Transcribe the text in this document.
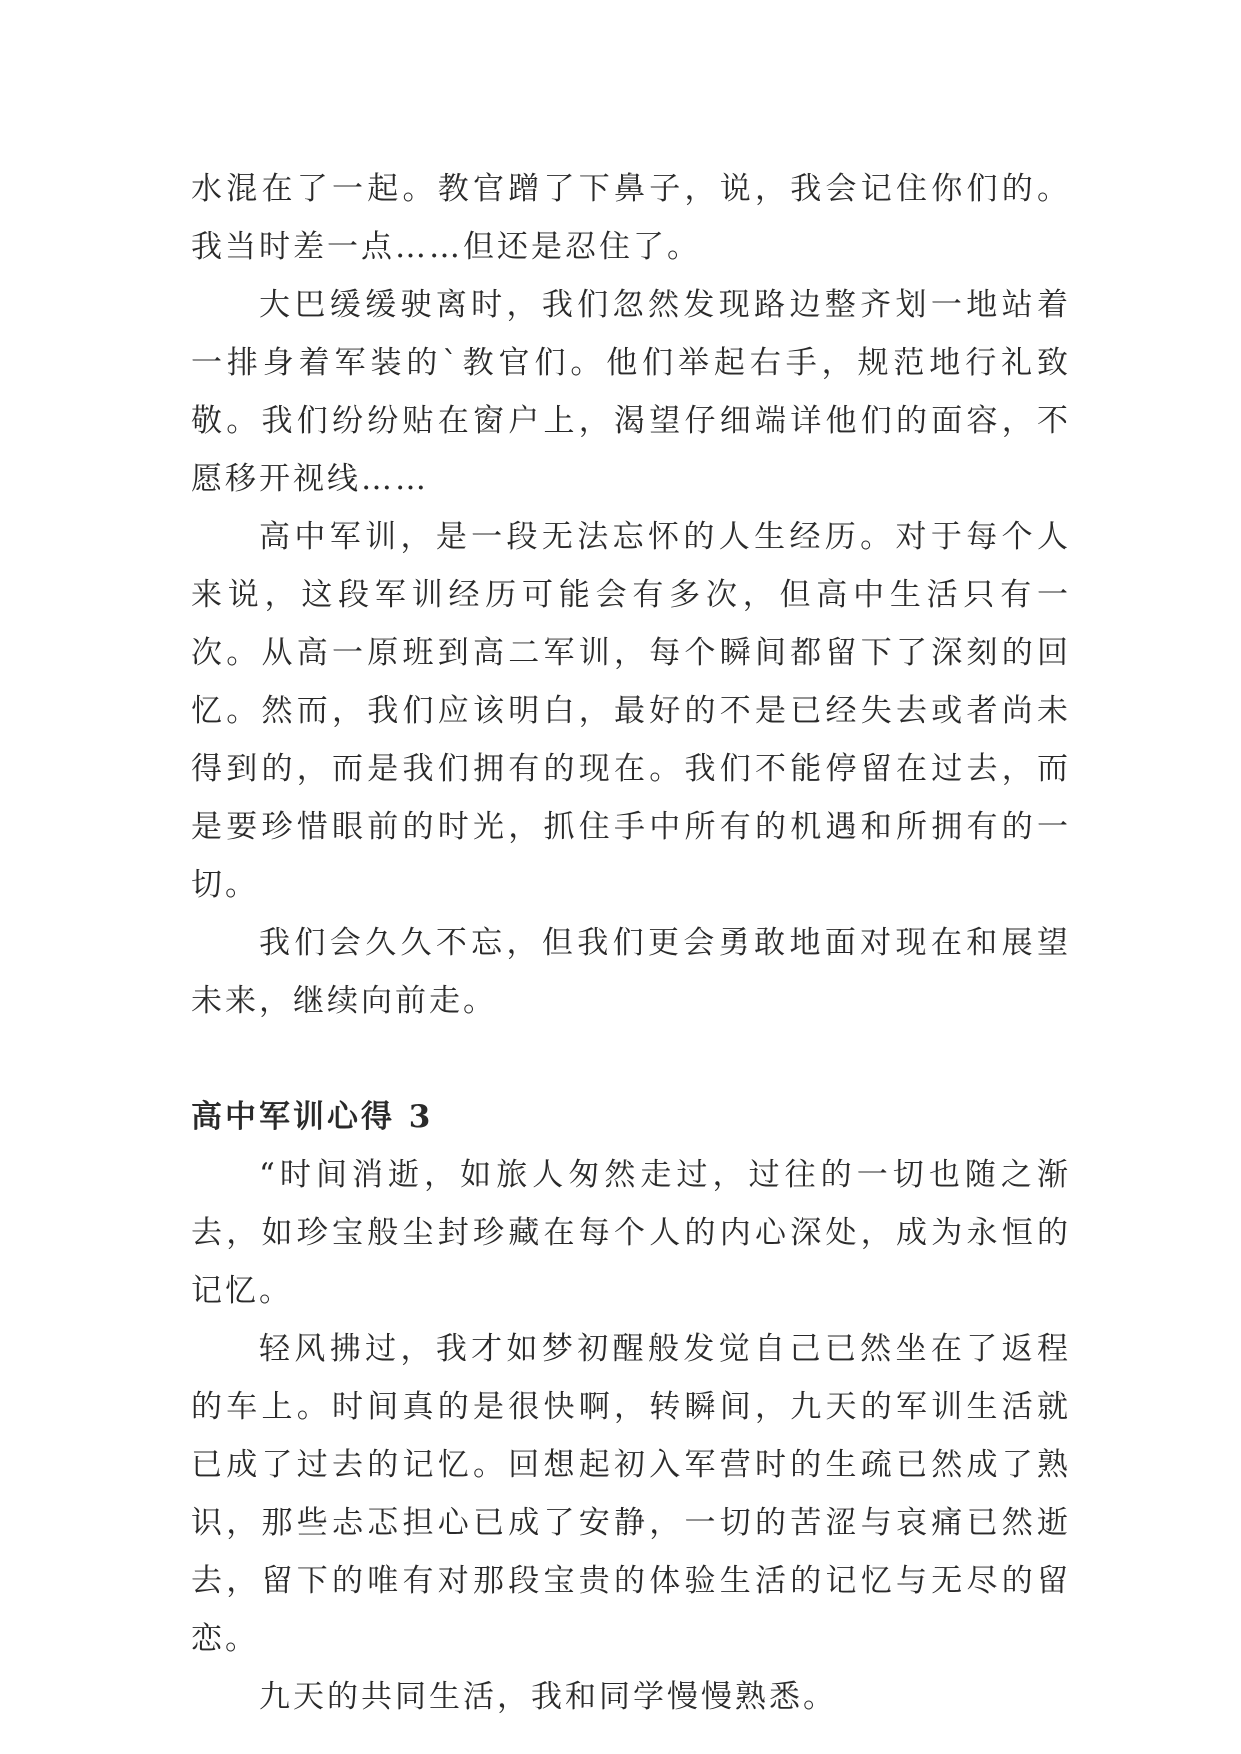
水混在了一起。教官蹭了下鼻子，说，我会记住你们的。我当时差一点……但还是忍住了。

大巴缓缓驶离时，我们忽然发现路边整齐划一地站着一排身着军装的`教官们。他们举起右手，规范地行礼致敬。我们纷纷贴在窗户上，渴望仔细端详他们的面容，不愿移开视线……

高中军训，是一段无法忘怀的人生经历。对于每个人来说，这段军训经历可能会有多次，但高中生活只有一次。从高一原班到高二军训，每个瞬间都留下了深刻的回忆。然而，我们应该明白，最好的不是已经失去或者尚未得到的，而是我们拥有的现在。我们不能停留在过去，而是要珍惜眼前的时光，抓住手中所有的机遇和所拥有的一切。

我们会久久不忘，但我们更会勇敢地面对现在和展望未来，继续向前走。

高中军训心得 3

“时间消逝，如旅人匆然走过，过往的一切也随之渐去，如珍宝般尘封珍藏在每个人的内心深处，成为永恒的记忆。

轻风拂过，我才如梦初醒般发觉自己已然坐在了返程的车上。时间真的是很快啊，转瞬间，九天的军训生活就已成了过去的记忆。回想起初入军营时的生疏已然成了熟识，那些忐忑担心已成了安静，一切的苦涩与哀痛已然逝去，留下的唯有对那段宝贵的体验生活的记忆与无尽的留恋。

九天的共同生活，我和同学慢慢熟悉。
